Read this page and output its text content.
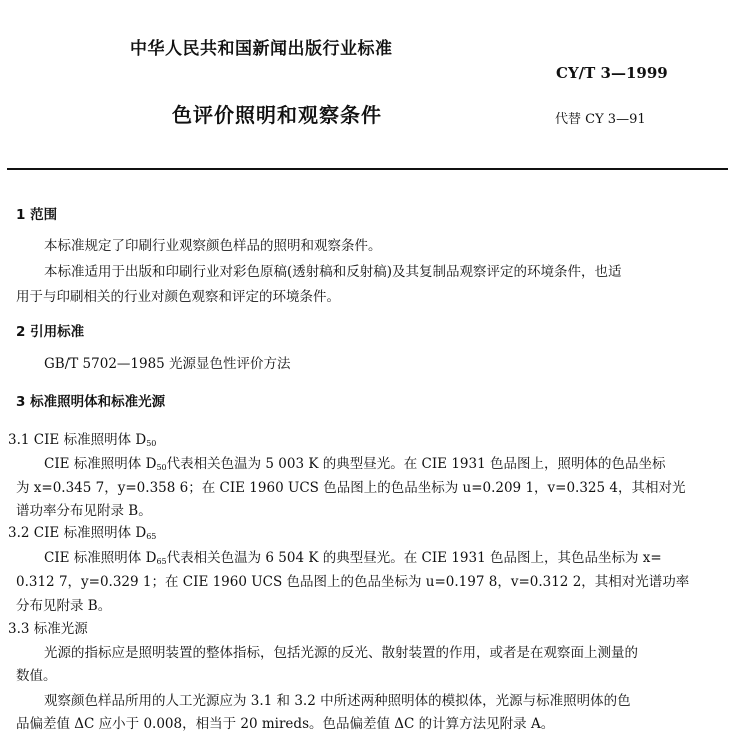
中华人民共和国新闻出版行业标准
CY/T 3—1999
色评价照明和观察条件	代替 CY 3—91
1 范围
本标准规定了印刷行业观察颜色样品的照明和观察条件。
本标准适用于出版和印刷行业对彩色原稿(透射稿和反射稿)及其复制品观察评定的环境条件，也适
用于与印刷相关的行业对颜色观察和评定的环境条件。
2 引用标准
GB/T 5702—1985 光源显色性评价方法
3 标准照明体和标准光源
3.1 CIE 标准照明体 $D_{50}$
CIE 标准照明体 $D_{50}$代表相关色温为 5 003 K 的典型昼光。在 CIE 1931 色品图上，照明体的色品坐标
为 x=0.345 7，y=0.358 6；在 CIE 1960 UCS 色品图上的色品坐标为 u=0.209 1，v=0.325 4，其相对光
谱功率分布见附录 B。
3.2 CIE 标准照明体 $D_{65}$
CIE 标准照明体 $D_{65}$代表相关色温为 6 504 K 的典型昼光。在 CIE 1931 色品图上，其色品坐标为 x=
0.312 7，y=0.329 1；在 CIE 1960 UCS 色品图上的色品坐标为 u=0.197 8，v=0.312 2，其相对光谱功率
分布见附录 B。
3.3 标准光源
光源的指标应是照明装置的整体指标，包括光源的反光、散射装置的作用，或者是在观察面上测量的
数值。
观察颜色样品所用的人工光源应为 3.1 和 3.2 中所述两种照明体的模拟体，光源与标准照明体的色
品偏差值 ΔC 应小于 0.008，相当于 20 mireds。色品偏差值 ΔC 的计算方法见附录 A。
